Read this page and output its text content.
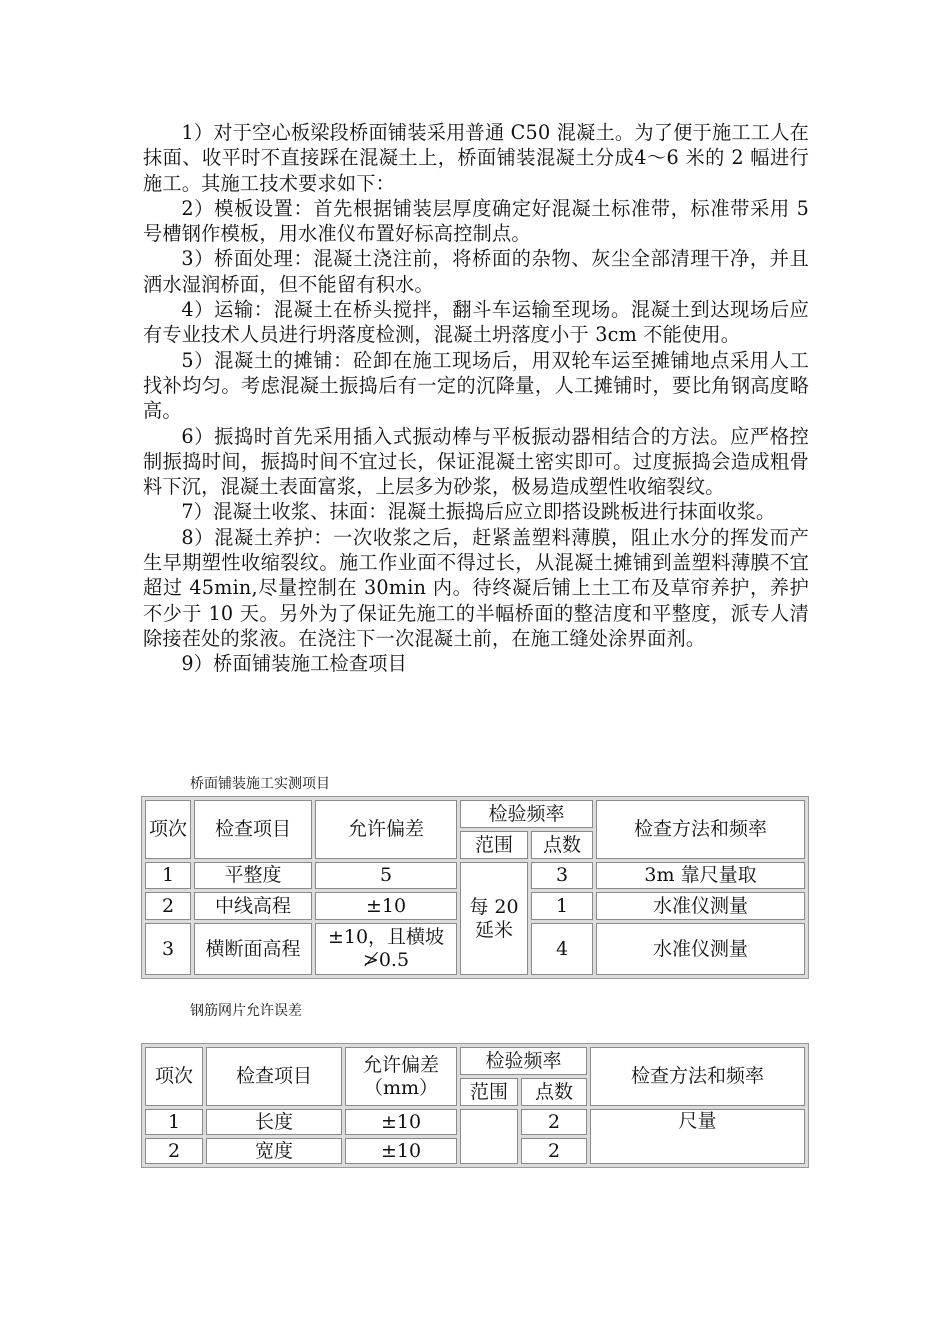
1）对于空心板梁段桥面铺装采用普通 C50 混凝土。为了便于施工工人在抹面、收平时不直接踩在混凝土上，桥面铺装混凝土分成4～6 米的 2 幅进行施工。其施工技术要求如下：

2）模板设置：首先根据铺装层厚度确定好混凝土标准带，标准带采用 5 号槽钢作模板，用水准仪布置好标高控制点。

3）桥面处理：混凝土浇注前，将桥面的杂物、灰尘全部清理干净，并且洒水湿润桥面，但不能留有积水。

4）运输：混凝土在桥头搅拌，翻斗车运输至现场。混凝土到达现场后应有专业技术人员进行坍落度检测，混凝土坍落度小于 3cm 不能使用。

5）混凝土的摊铺：砼卸在施工现场后，用双轮车运至摊铺地点采用人工找补均匀。考虑混凝土振捣后有一定的沉降量，人工摊铺时，要比角钢高度略高。

6）振捣时首先采用插入式振动棒与平板振动器相结合的方法。应严格控制振捣时间，振捣时间不宜过长，保证混凝土密实即可。过度振捣会造成粗骨料下沉，混凝土表面富浆，上层多为砂浆，极易造成塑性收缩裂纹。

7）混凝土收浆、抹面：混凝土振捣后应立即搭设跳板进行抹面收浆。

8）混凝土养护：一次收浆之后，赶紧盖塑料薄膜，阻止水分的挥发而产生早期塑性收缩裂纹。施工作业面不得过长，从混凝土摊铺到盖塑料薄膜不宜超过 45min,尽量控制在 30min 内。待终凝后铺上土工布及草帘养护，养护不少于 10 天。另外为了保证先施工的半幅桥面的整洁度和平整度，派专人清除接茬处的浆液。在浇注下一次混凝土前，在施工缝处涂界面剂。

9）桥面铺装施工检查项目

桥面铺装施工实测项目
项次	检查项目	允许偏差	检验频率		检查方法和频率
			范围	点数	
1	平整度	5	每 20 延米	3	3m 靠尺量取
2	中线高程	±10		1	水准仪测量
3	横断面高程	±10，且横坡≯0.5		4	水准仪测量
钢筋网片允许误差
项次	检查项目	允许偏差（mm）	检验频率		检查方法和频率
			范围	点数	
1	长度	±10		2	尺量
2	宽度	±10		2	
